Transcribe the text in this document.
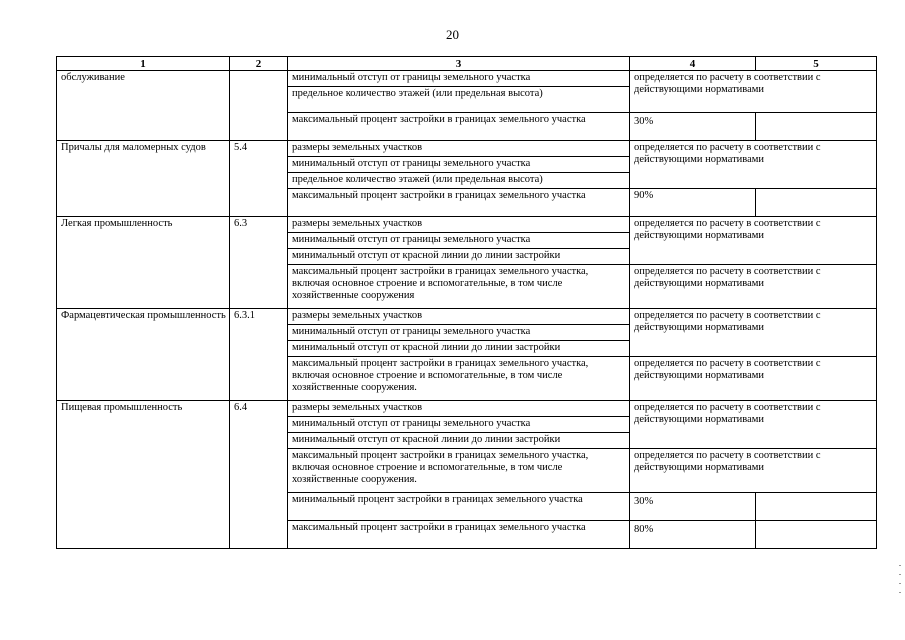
20
1	2	3	4	5
обслуживание		минимальный отступ от границы земельного участка	определяется по расчету в соответствии с действующими нормативами	
		предельное количество этажей (или предельная высота)		
		максимальный процент застройки в границах земельного участка	30%	
Причалы для маломерных судов	5.4	размеры земельных участков	определяется по расчету в соответствии с действующими нормативами	
		минимальный отступ от границы земельного участка		
		предельное количество этажей (или предельная высота)		
		максимальный процент застройки в границах земельного участка	90%	
Легкая промышленность	6.3	размеры земельных участков	определяется по расчету в соответствии с действующими нормативами	
		минимальный отступ от границы земельного участка		
		минимальный отступ от красной линии до линии застройки		
		максимальный процент застройки в границах земельного участка, включая основное строение и вспомогательные, в том числе хозяйственные сооружения	определяется по расчету в соответствии с действующими нормативами	
Фармацевтическая промышленность	6.3.1	размеры земельных участков	определяется по расчету в соответствии с действующими нормативами	
		минимальный отступ от границы земельного участка		
		минимальный отступ от красной линии до линии застройки		
		максимальный процент застройки в границах земельного участка, включая основное строение и вспомогательные, в том числе хозяйственные сооружения.	определяется по расчету в соответствии с действующими нормативами	
Пищевая промышленность	6.4	размеры земельных участков	определяется по расчету в соответствии с действующими нормативами	
		минимальный отступ от границы земельного участка		
		минимальный отступ от красной линии до линии застройки		
		максимальный процент застройки в границах земельного участка, включая основное строение и вспомогательные, в том числе хозяйственные сооружения.	определяется по расчету в соответствии с действующими нормативами	
		минимальный процент застройки в границах земельного участка	30%	
		максимальный процент застройки в границах земельного участка	80%	
